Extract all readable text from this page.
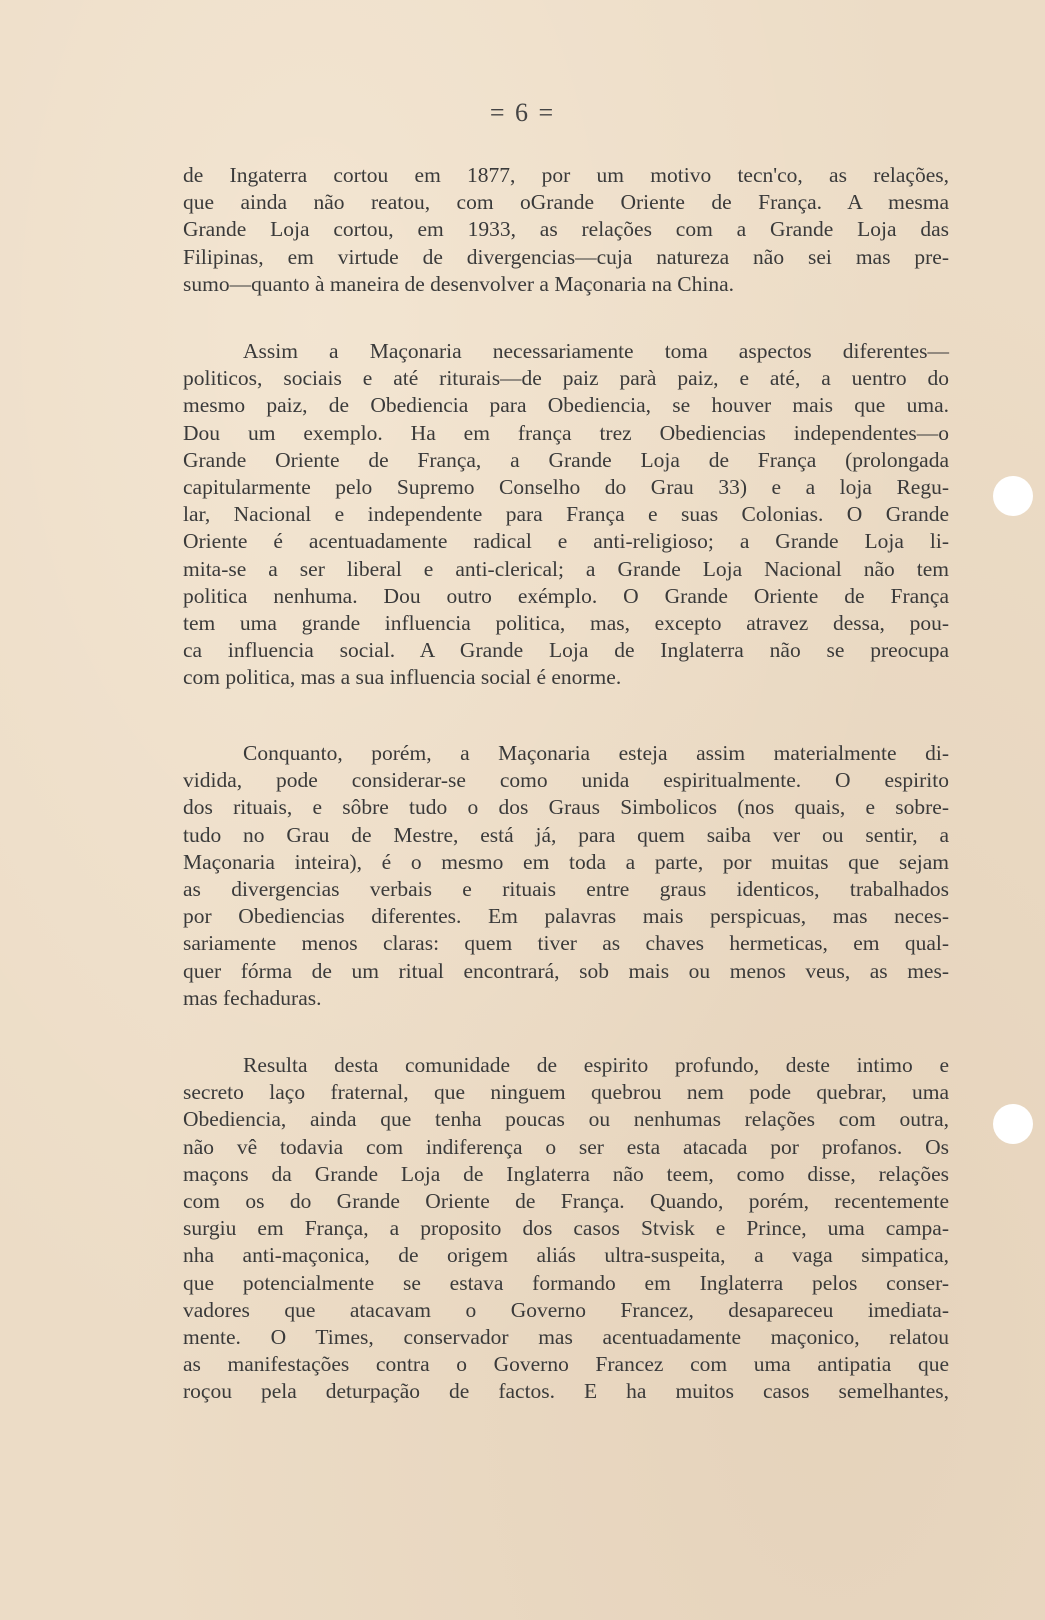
= 6 =

de Ingaterra cortou em 1877, por um motivo tecn'co, as relações,
que ainda não reatou, com oGrande Oriente de França. A mesma
Grande Loja cortou, em 1933, as relações com a Grande Loja das
Filipinas, em virtude de divergencias—cuja natureza não sei mas pre-
sumo—quanto à maneira de desenvolver a Maçonaria na China.

Assim a Maçonaria necessariamente toma aspectos diferentes—
politicos, sociais e até riturais—de paiz parà paiz, e até, a uentro do
mesmo paiz, de Obediencia para Obediencia, se houver mais que uma.
Dou um exemplo. Ha em frança trez Obediencias independentes—o
Grande Oriente de França, a Grande Loja de França (prolongada
capitularmente pelo Supremo Conselho do Grau 33) e a loja Regu-
lar, Nacional e independente para França e suas Colonias. O Grande
Oriente é acentuadamente radical e anti-religioso; a Grande Loja li-
mita-se a ser liberal e anti-clerical; a Grande Loja Nacional não tem
politica nenhuma. Dou outro exémplo. O Grande Oriente de França
tem uma grande influencia politica, mas, excepto atravez dessa, pou-
ca influencia social. A Grande Loja de Inglaterra não se preocupa
com politica, mas a sua influencia social é enorme.

Conquanto, porém, a Maçonaria esteja assim materialmente di-
vidida, pode considerar-se como unida espiritualmente. O espirito
dos rituais, e sôbre tudo o dos Graus Simbolicos (nos quais, e sobre-
tudo no Grau de Mestre, está já, para quem saiba ver ou sentir, a
Maçonaria inteira), é o mesmo em toda a parte, por muitas que sejam
as divergencias verbais e rituais entre graus identicos, trabalhados
por Obediencias diferentes. Em palavras mais perspicuas, mas neces-
sariamente menos claras: quem tiver as chaves hermeticas, em qual-
quer fórma de um ritual encontrará, sob mais ou menos veus, as mes-
mas fechaduras.

Resulta desta comunidade de espirito profundo, deste intimo e
secreto laço fraternal, que ninguem quebrou nem pode quebrar, uma
Obediencia, ainda que tenha poucas ou nenhumas relações com outra,
não vê todavia com indiferença o ser esta atacada por profanos. Os
maçons da Grande Loja de Inglaterra não teem, como disse, relações
com os do Grande Oriente de França. Quando, porém, recentemente
surgiu em França, a proposito dos casos Stvisk e Prince, uma campa-
nha anti-maçonica, de origem aliás ultra-suspeita, a vaga simpatica,
que potencialmente se estava formando em Inglaterra pelos conser-
vadores que atacavam o Governo Francez, desapareceu imediata-
mente. O Times, conservador mas acentuadamente maçonico, relatou
as manifestações contra o Governo Francez com uma antipatia que
roçou pela deturpação de factos. E ha muitos casos semelhantes,
